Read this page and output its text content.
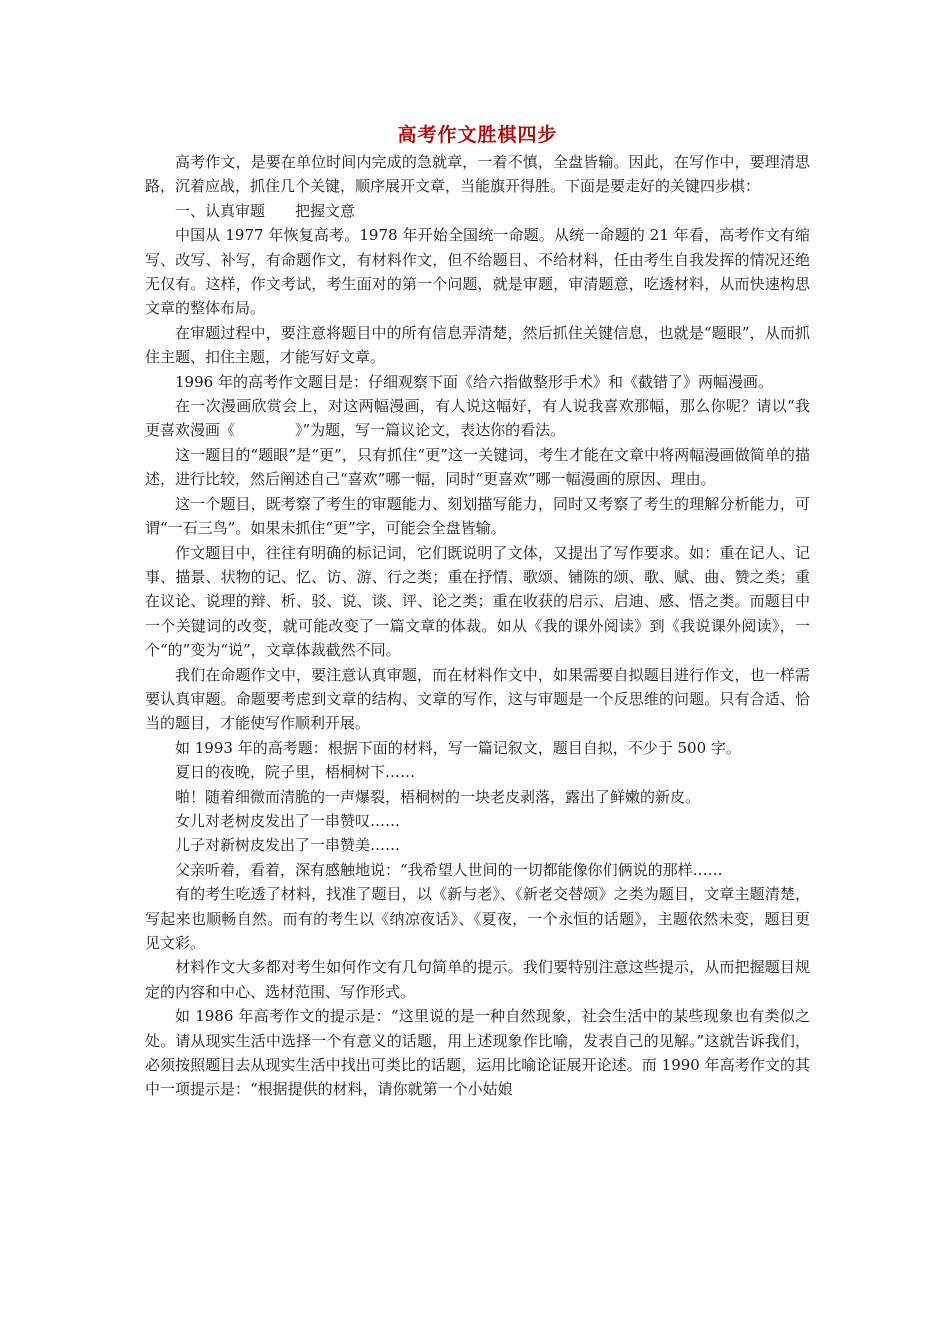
高考作文胜棋四步

高考作文，是要在单位时间内完成的急就章，一着不慎，全盘皆输。因此，在写作中，要理清思路，沉着应战，抓住几个关键，顺序展开文章，当能旗开得胜。下面是要走好的关键四步棋：

一、认真审题　　把握文意

中国从 1977 年恢复高考。1978 年开始全国统一命题。从统一命题的 21 年看，高考作文有缩写、改写、补写，有命题作文，有材料作文，但不给题目、不给材料，任由考生自我发挥的情况还绝无仅有。这样，作文考试，考生面对的第一个问题，就是审题，审清题意，吃透材料，从而快速构思文章的整体布局。

在审题过程中，要注意将题目中的所有信息弄清楚，然后抓住关键信息，也就是“题眼”，从而抓住主题、扣住主题，才能写好文章。

1996 年的高考作文题目是：仔细观察下面《给六指做整形手术》和《截错了》两幅漫画。

在一次漫画欣赏会上，对这两幅漫画，有人说这幅好，有人说我喜欢那幅，那么你呢？请以“我更喜欢漫画《　　　　》”为题，写一篇议论文，表达你的看法。

这一题目的“题眼”是“更”，只有抓住“更”这一关键词，考生才能在文章中将两幅漫画做简单的描述，进行比较，然后阐述自己“喜欢”哪一幅，同时“更喜欢”哪一幅漫画的原因、理由。

这一个题目，既考察了考生的审题能力、刻划描写能力，同时又考察了考生的理解分析能力，可谓“一石三鸟”。如果未抓住“更”字，可能会全盘皆输。

作文题目中，往往有明确的标记词，它们既说明了文体，又提出了写作要求。如：重在记人、记事、描景、状物的记、忆、访、游、行之类；重在抒情、歌颂、铺陈的颂、歌、赋、曲、赞之类；重在议论、说理的辩、析、驳、说、谈、评、论之类；重在收获的启示、启迪、感、悟之类。而题目中一个关键词的改变，就可能改变了一篇文章的体裁。如从《我的课外阅读》到《我说课外阅读》，一个“的”变为“说”，文章体裁截然不同。

我们在命题作文中，要注意认真审题，而在材料作文中，如果需要自拟题目进行作文，也一样需要认真审题。命题要考虑到文章的结构、文章的写作，这与审题是一个反思维的问题。只有合适、恰当的题目，才能使写作顺利开展。

如 1993 年的高考题：根据下面的材料，写一篇记叙文，题目自拟，不少于 500 字。

夏日的夜晚，院子里，梧桐树下……

啪！随着细微而清脆的一声爆裂，梧桐树的一块老皮剥落，露出了鲜嫩的新皮。

女儿对老树皮发出了一串赞叹……

儿子对新树皮发出了一串赞美……

父亲听着，看着，深有感触地说：“我希望人世间的一切都能像你们俩说的那样……

有的考生吃透了材料，找准了题目，以《新与老》、《新老交替颂》之类为题目，文章主题清楚，写起来也顺畅自然。而有的考生以《纳凉夜话》、《夏夜，一个永恒的话题》，主题依然未变，题目更见文彩。

材料作文大多都对考生如何作文有几句简单的提示。我们要特别注意这些提示，从而把握题目规定的内容和中心、选材范围、写作形式。

如 1986 年高考作文的提示是：“这里说的是一种自然现象，社会生活中的某些现象也有类似之处。请从现实生活中选择一个有意义的话题，用上述现象作比喻，发表自己的见解。”这就告诉我们，必须按照题目去从现实生活中找出可类比的话题，运用比喻论证展开论述。而 1990 年高考作文的其中一项提示是：“根据提供的材料，请你就第一个小姑娘
